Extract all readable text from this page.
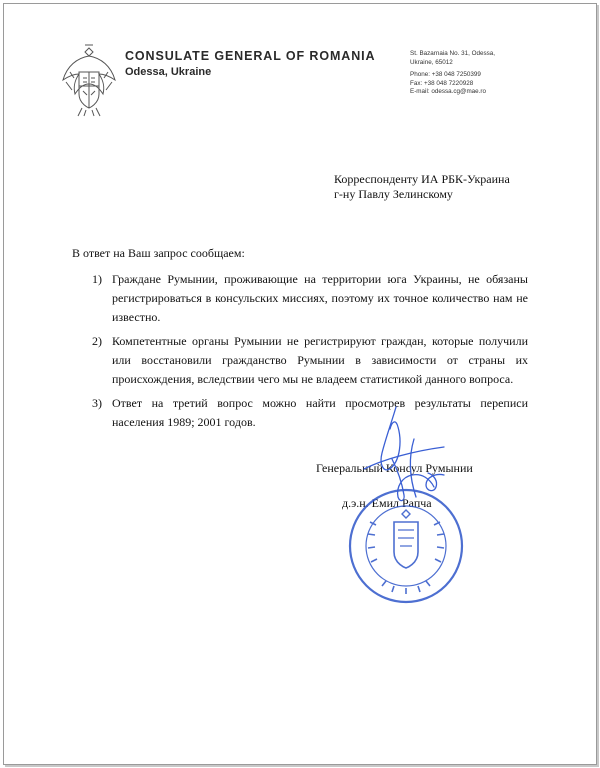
CONSULATE GENERAL OF ROMANIA
Odessa, Ukraine
St. Bazarnaia No. 31, Odessa,
Ukraine, 65012
Phone: +38 048 7250399
Fax: +38 048 7220928
E-mail: odessa.cg@mae.ro
Корреспонденту ИА РБК-Украина
г-ну Павлу Зелинскому
В ответ на Ваш запрос сообщаем:
1) Граждане Румынии, проживающие на территории юга Украины, не обязаны регистрироваться в консульских миссиях, поэтому их точное количество нам не известно.
2) Компетентные органы Румынии не регистрируют граждан, которые получили или восстановили гражданство Румынии в зависимости от страны их происхождения, вследствии чего мы не владеем статистикой данного вопроса.
3) Ответ на третий вопрос можно найти просмотрев результаты переписи населения 1989; 2001 годов.
Генеральный Консул Румынии
д.э.н. Емил Рапча
